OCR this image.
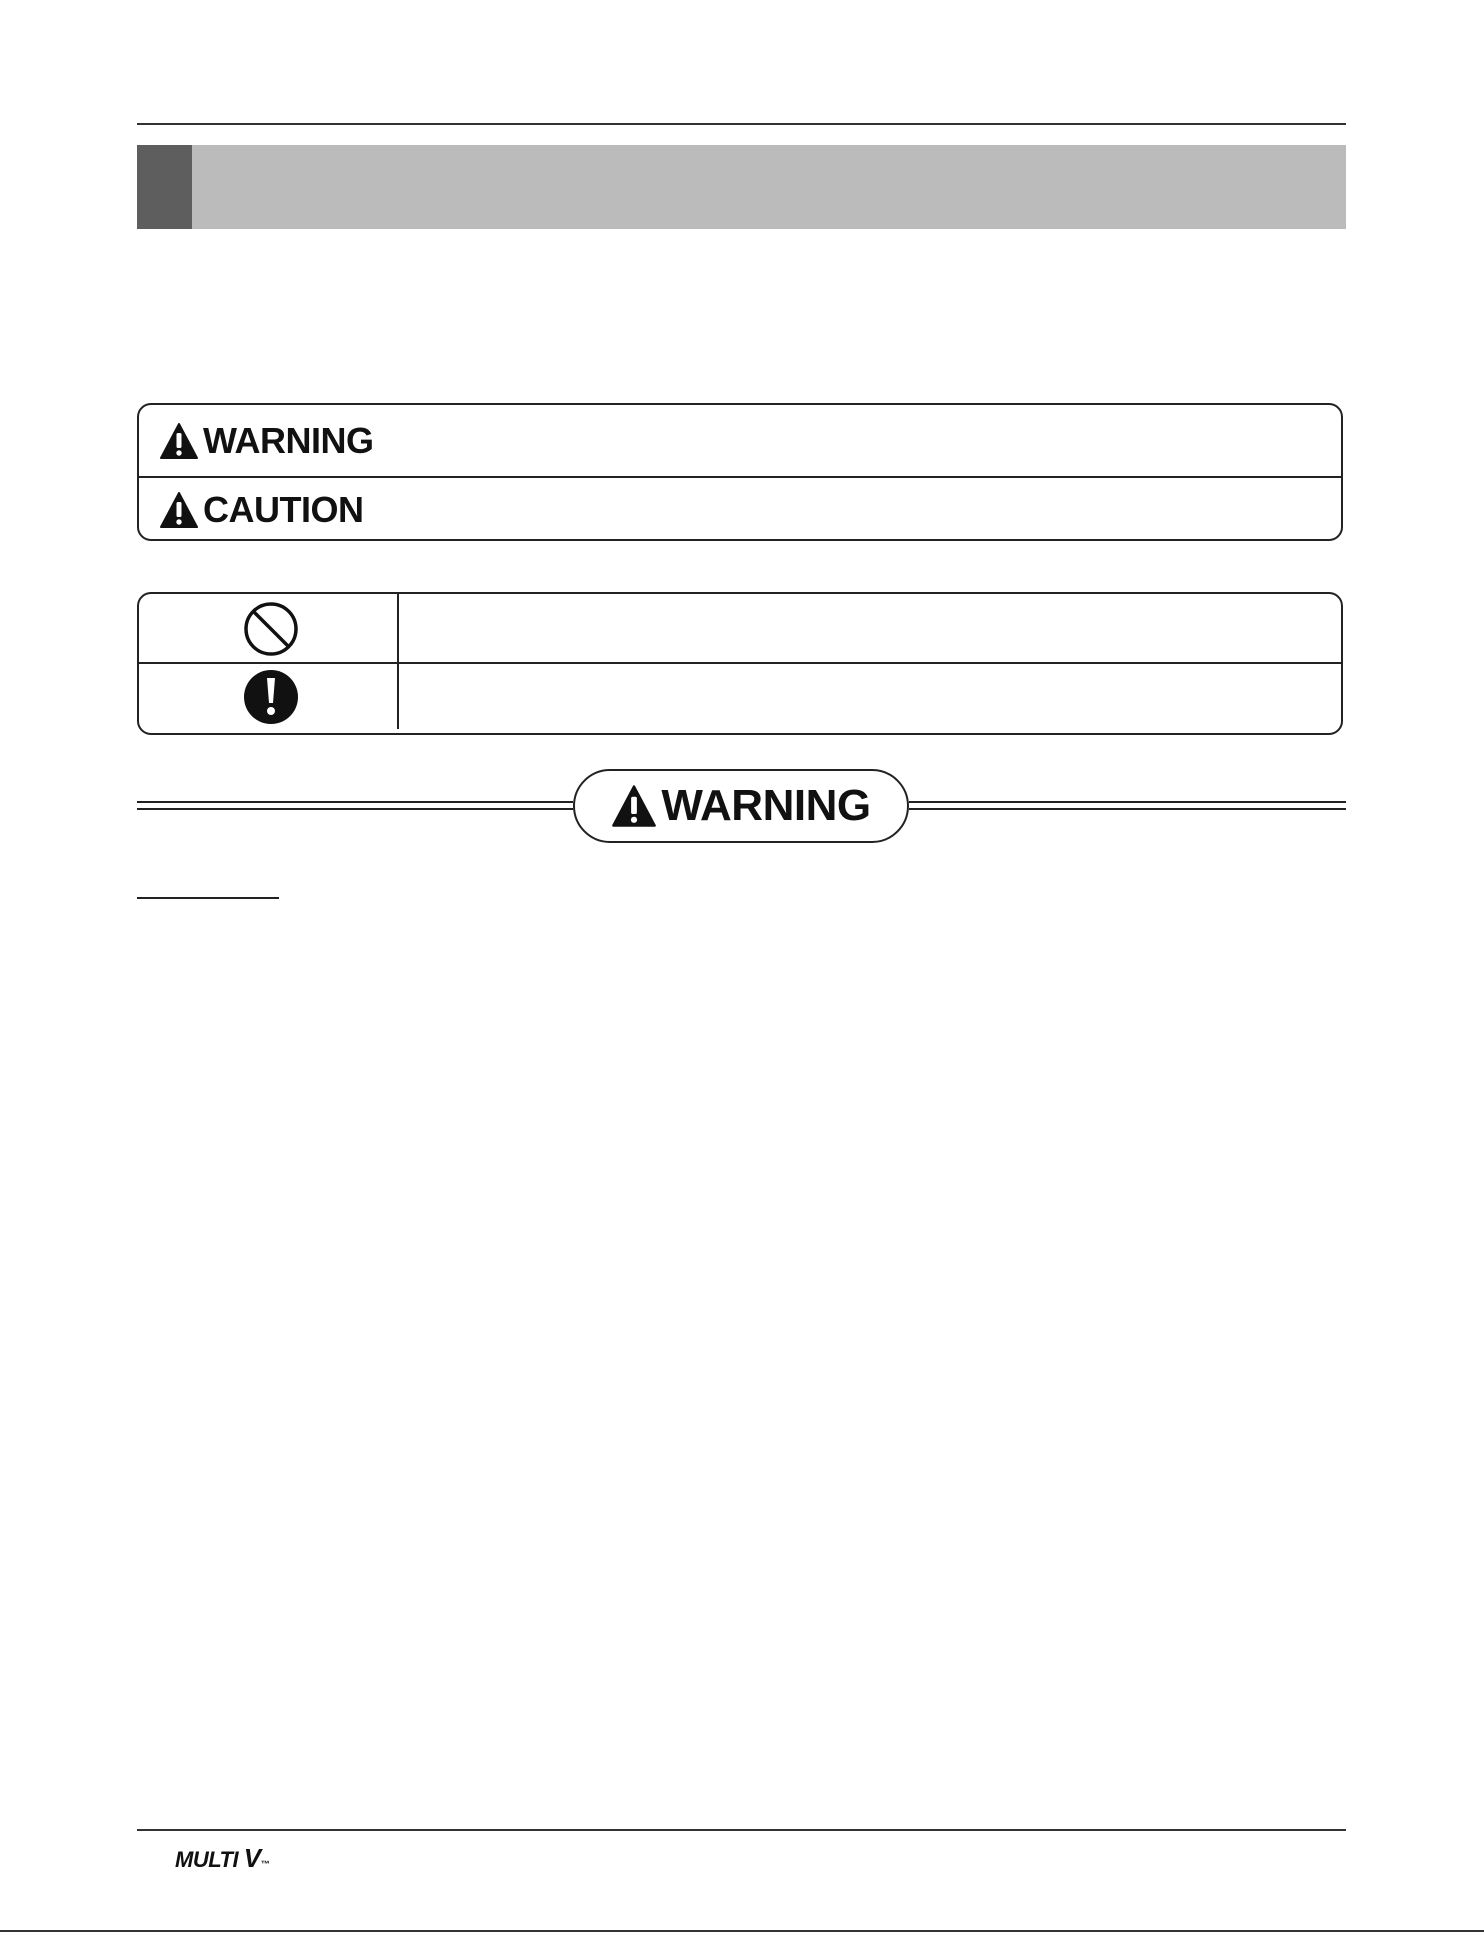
WARNING
CAUTION
WARNING
MULTI V™
